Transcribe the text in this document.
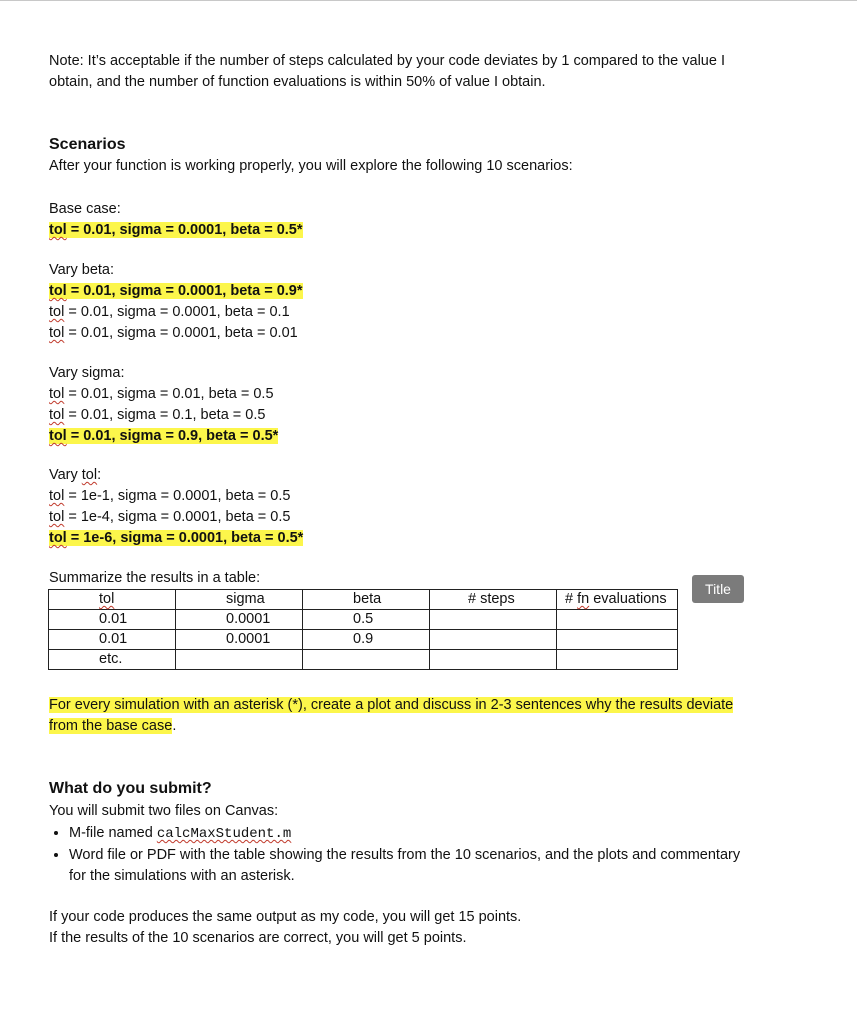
Note: It’s acceptable if the number of steps calculated by your code deviates by 1 compared to the value I
obtain, and the number of function evaluations is within 50% of value I obtain.
Scenarios
After your function is working properly, you will explore the following 10 scenarios:
Base case:
tol = 0.01, sigma = 0.0001, beta = 0.5*
Vary beta:
tol = 0.01, sigma = 0.0001, beta = 0.9*
tol = 0.01, sigma = 0.0001, beta = 0.1
tol = 0.01, sigma = 0.0001, beta = 0.01
Vary sigma:
tol = 0.01, sigma = 0.01, beta = 0.5
tol = 0.01, sigma = 0.1, beta = 0.5
tol = 0.01, sigma = 0.9, beta = 0.5*
Vary tol:
tol = 1e-1, sigma = 0.0001, beta = 0.5
tol = 1e-4, sigma = 0.0001, beta = 0.5
tol = 1e-6, sigma = 0.0001, beta = 0.5*
Summarize the results in a table:
Title
tol	sigma	beta	# steps	# fn evaluations
0.01	0.0001	0.5		
0.01	0.0001	0.9		
etc.				
For every simulation with an asterisk (*), create a plot and discuss in 2-3 sentences why the results deviate
from the base case.
What do you submit?
You will submit two files on Canvas:
• M-file named calcMaxStudent.m
• Word file or PDF with the table showing the results from the 10 scenarios, and the plots and commentary
for the simulations with an asterisk.
If your code produces the same output as my code, you will get 15 points.
If the results of the 10 scenarios are correct, you will get 5 points.
